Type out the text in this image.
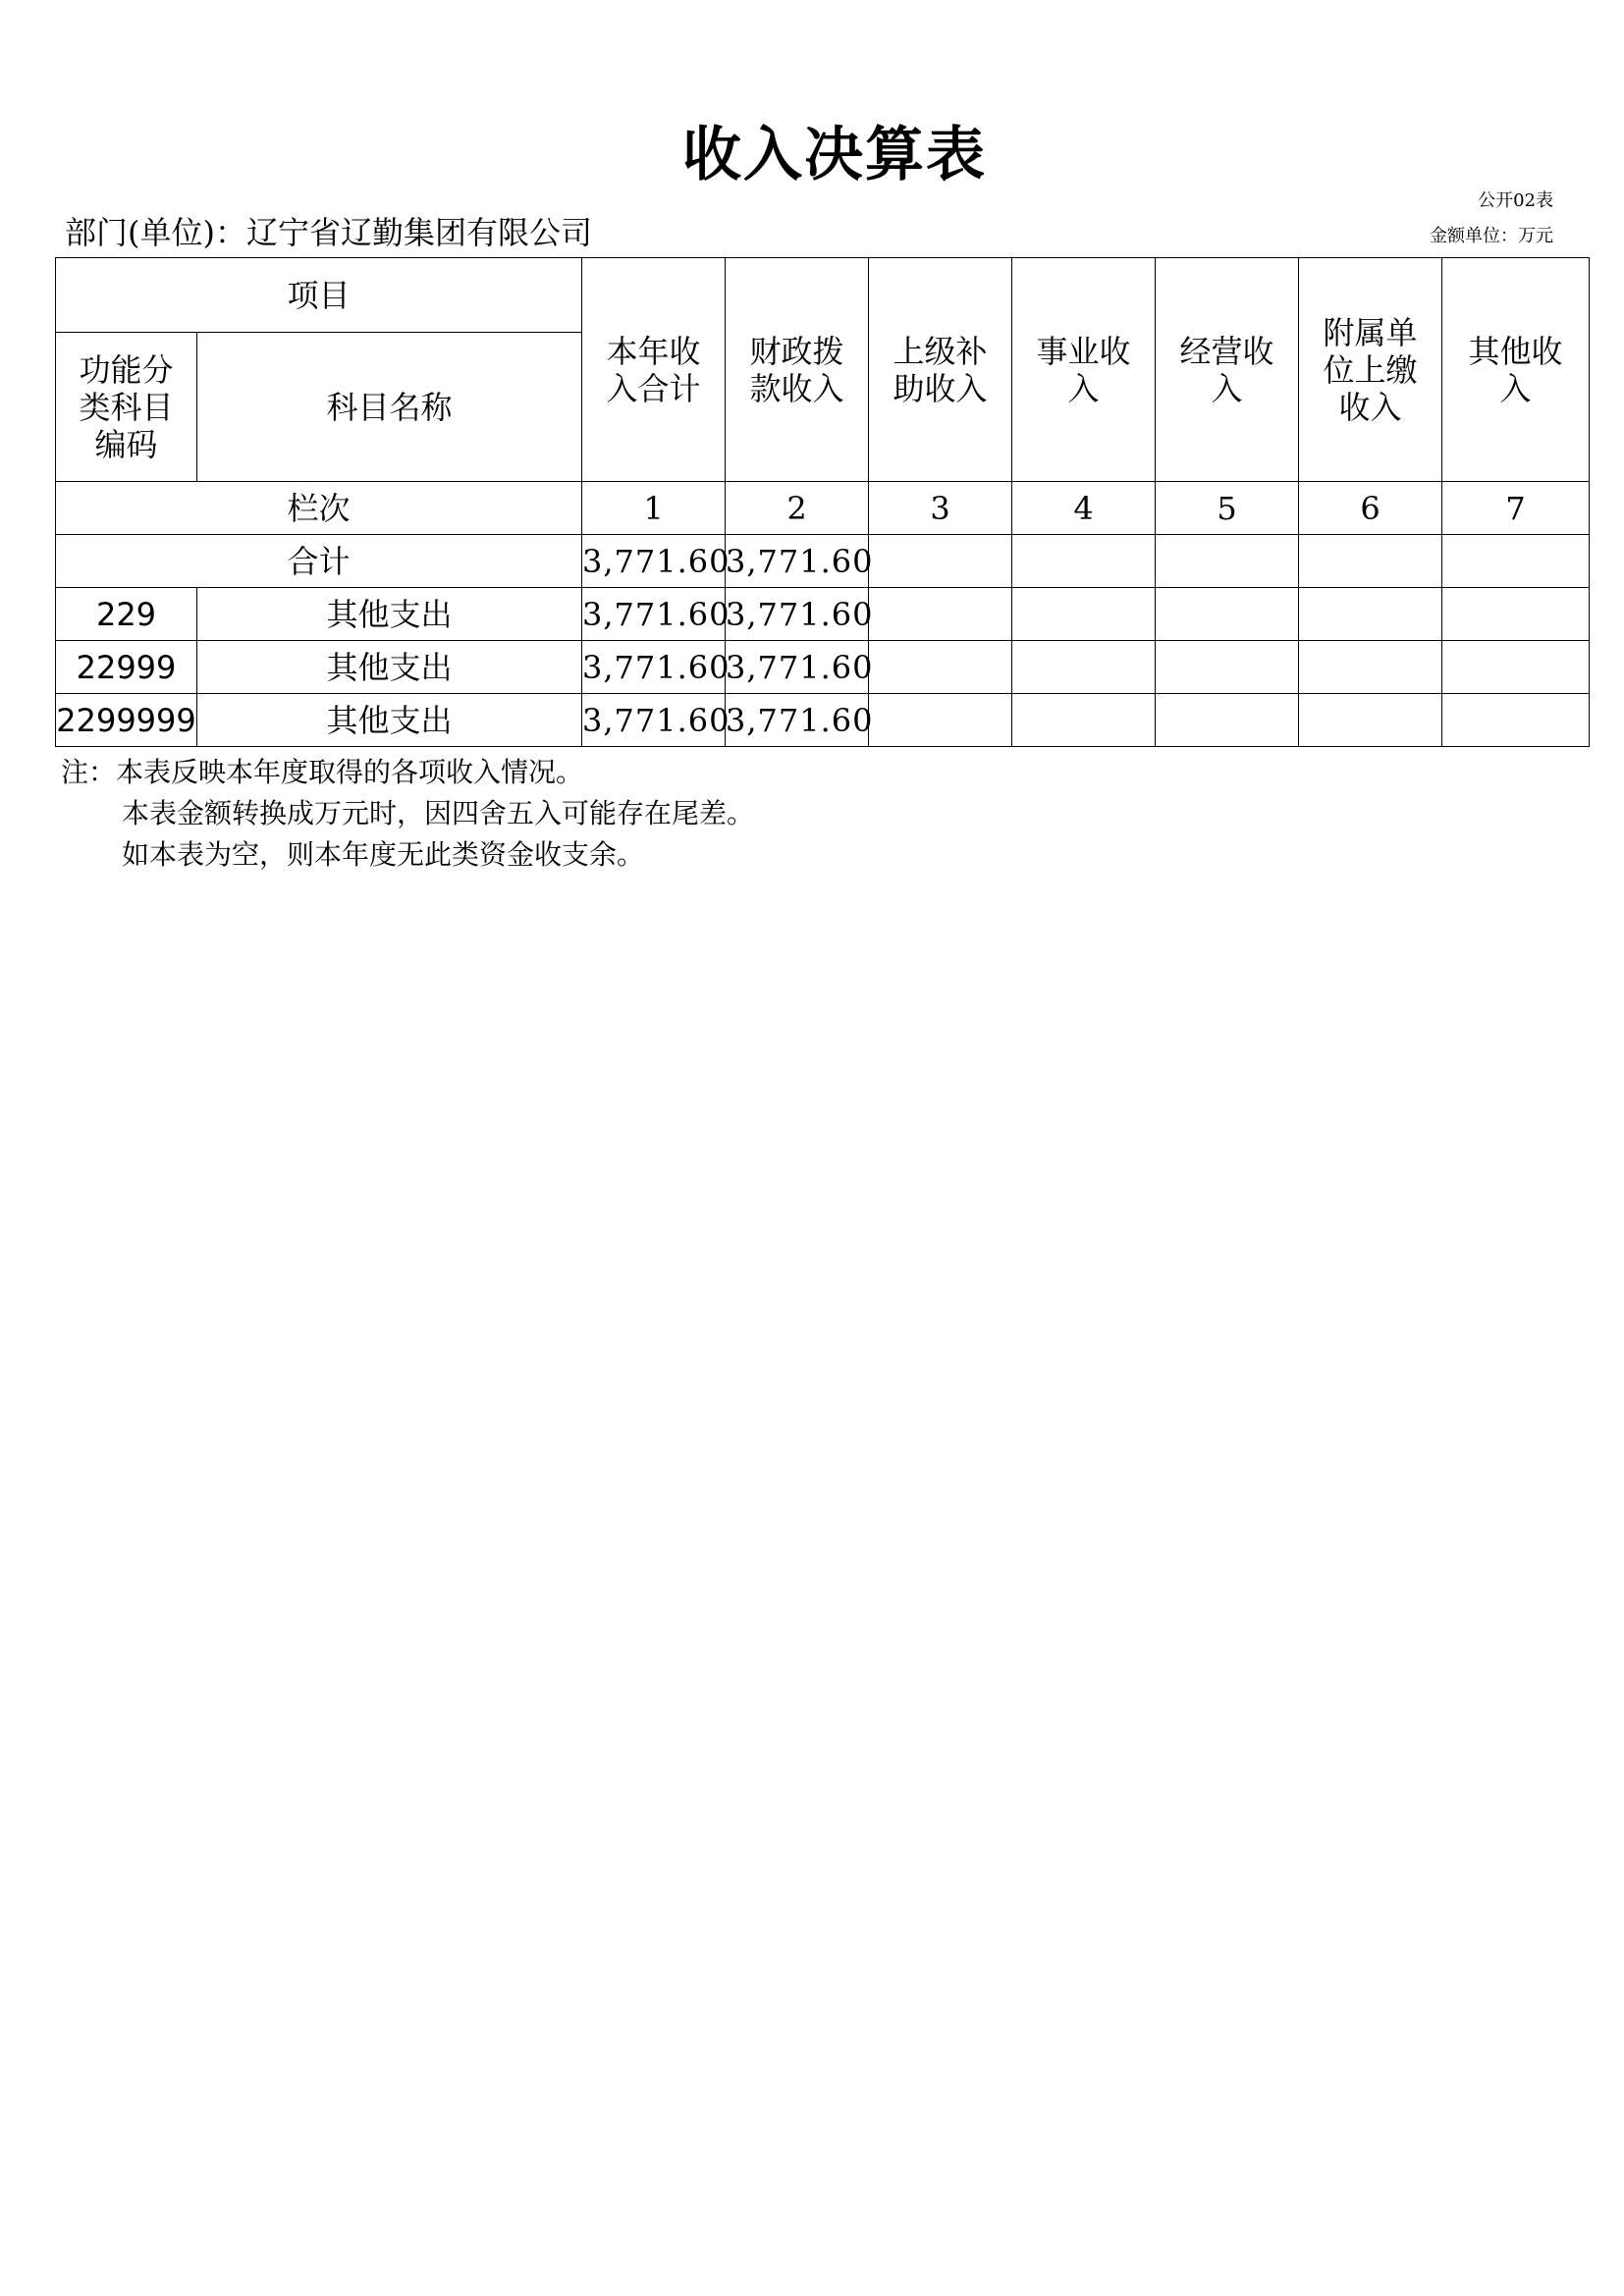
收入决算表
公开02表
金额单位：万元
部门(单位)：辽宁省辽勤集团有限公司
项目		本年收入合计	财政拨款收入	上级补助收入	事业收入	经营收入	附属单位上缴收入	其他收入
功能分类科目编码	科目名称							
栏次		1	2	3	4	5	6	7
合计		3,771.60	3,771.60					
229	其他支出	3,771.60	3,771.60					
22999	其他支出	3,771.60	3,771.60					
2299999	其他支出	3,771.60	3,771.60					
注：本表反映本年度取得的各项收入情况。
本表金额转换成万元时，因四舍五入可能存在尾差。
如本表为空，则本年度无此类资金收支余。
